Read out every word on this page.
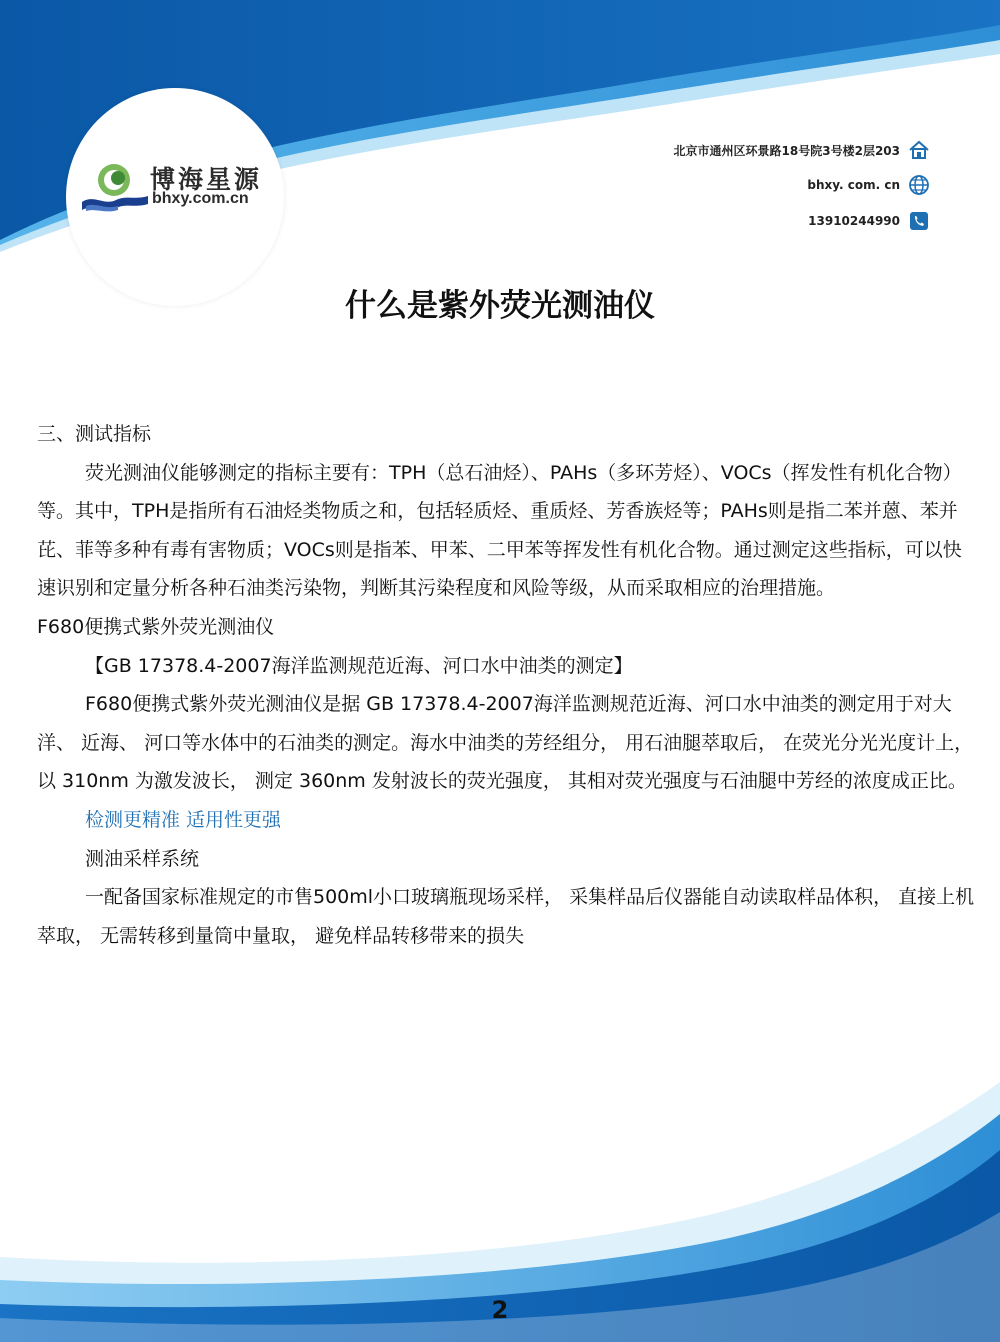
博海星源
bhxy.com.cn
北京市通州区环景路18号院3号楼2层203
bhxy. com. cn
13910244990
什么是紫外荧光测油仪

三、测试指标

荧光测油仪能够测定的指标主要有：TPH（总石油烃）、PAHs（多环芳烃）、VOCs（挥发性有机化合物）等。其中，TPH是指所有石油烃类物质之和，包括轻质烃、重质烃、芳香族烃等；PAHs则是指二苯并蒽、苯并芘、菲等多种有毒有害物质；VOCs则是指苯、甲苯、二甲苯等挥发性有机化合物。通过测定这些指标，可以快速识别和定量分析各种石油类污染物，判断其污染程度和风险等级，从而采取相应的治理措施。

F680便携式紫外荧光测油仪

【GB 17378.4-2007海洋监测规范近海、河口水中油类的测定】

F680便携式紫外荧光测油仪是据 GB 17378.4-2007海洋监测规范近海、河口水中油类的测定用于对大洋、 近海、 河口等水体中的石油类的测定。海水中油类的芳经组分， 用石油腿萃取后， 在荧光分光光度计上， 以 310nm 为激发波长， 测定 360nm 发射波长的荧光强度， 其相对荧光强度与石油腿中芳经的浓度成正比。

检测更精准 适用性更强

测油采样系统

一配备国家标准规定的市售500ml小口玻璃瓶现场采样， 采集样品后仪器能自动读取样品体积， 直接上机萃取， 无需转移到量筒中量取， 避免样品转移带来的损失

2
